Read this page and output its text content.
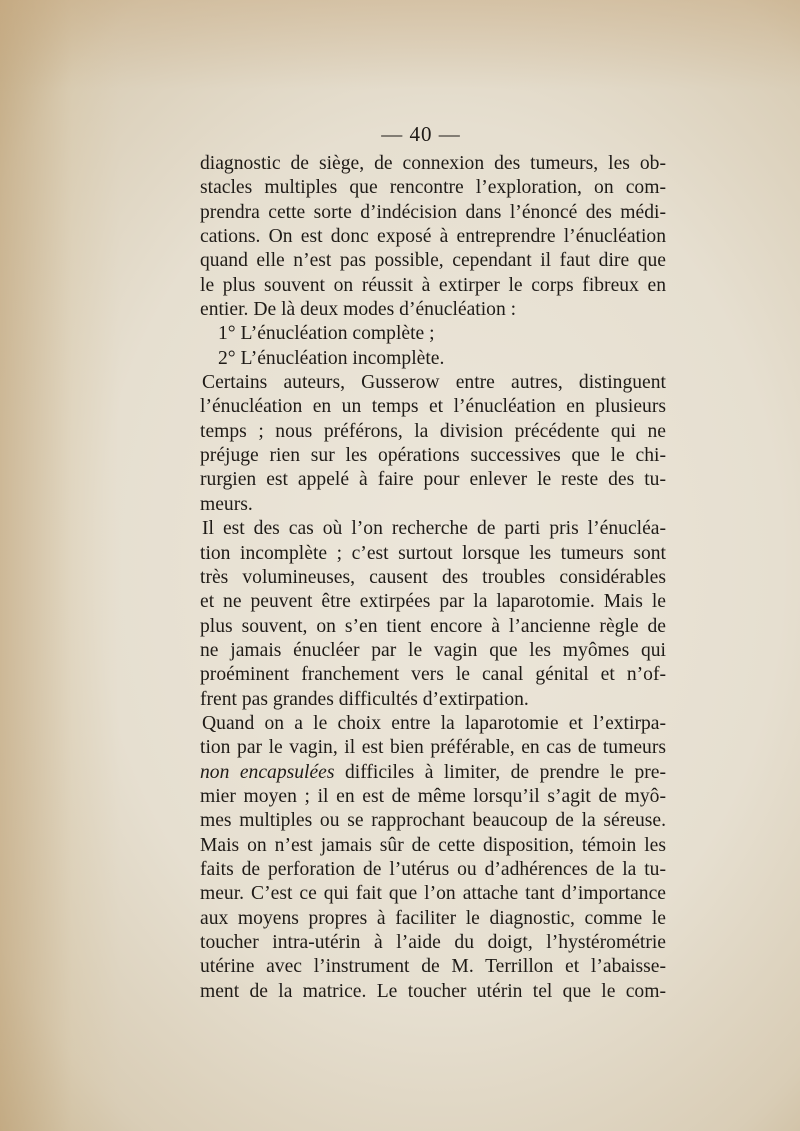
— 40 —
diagnostic de siège, de connexion des tumeurs, les ob-
stacles multiples que rencontre l’exploration, on com-
prendra cette sorte d’indécision dans l’énoncé des médi-
cations. On est donc exposé à entreprendre l’énucléation
quand elle n’est pas possible, cependant il faut dire que
le plus souvent on réussit à extirper le corps fibreux en
entier. De là deux modes d’énucléation :
1° L’énucléation complète ;
2° L’énucléation incomplète.
Certains auteurs, Gusserow entre autres, distinguent
l’énucléation en un temps et l’énucléation en plusieurs
temps ; nous préférons, la division précédente qui ne
préjuge rien sur les opérations successives que le chi-
rurgien est appelé à faire pour enlever le reste des tu-
meurs.
Il est des cas où l’on recherche de parti pris l’énucléa-
tion incomplète ; c’est surtout lorsque les tumeurs sont
très volumineuses, causent des troubles considérables
et ne peuvent être extirpées par la laparotomie. Mais le
plus souvent, on s’en tient encore à l’ancienne règle de
ne jamais énucléer par le vagin que les myômes qui
proéminent franchement vers le canal génital et n’of-
frent pas grandes difficultés d’extirpation.
Quand on a le choix entre la laparotomie et l’extirpa-
tion par le vagin, il est bien préférable, en cas de tumeurs
non encapsulées difficiles à limiter, de prendre le pre-
mier moyen ; il en est de même lorsqu’il s’agit de myô-
mes multiples ou se rapprochant beaucoup de la séreuse.
Mais on n’est jamais sûr de cette disposition, témoin les
faits de perforation de l’utérus ou d’adhérences de la tu-
meur. C’est ce qui fait que l’on attache tant d’importance
aux moyens propres à faciliter le diagnostic, comme le
toucher intra-utérin à l’aide du doigt, l’hystérométrie
utérine avec l’instrument de M. Terrillon et l’abaisse-
ment de la matrice. Le toucher utérin tel que le com-
